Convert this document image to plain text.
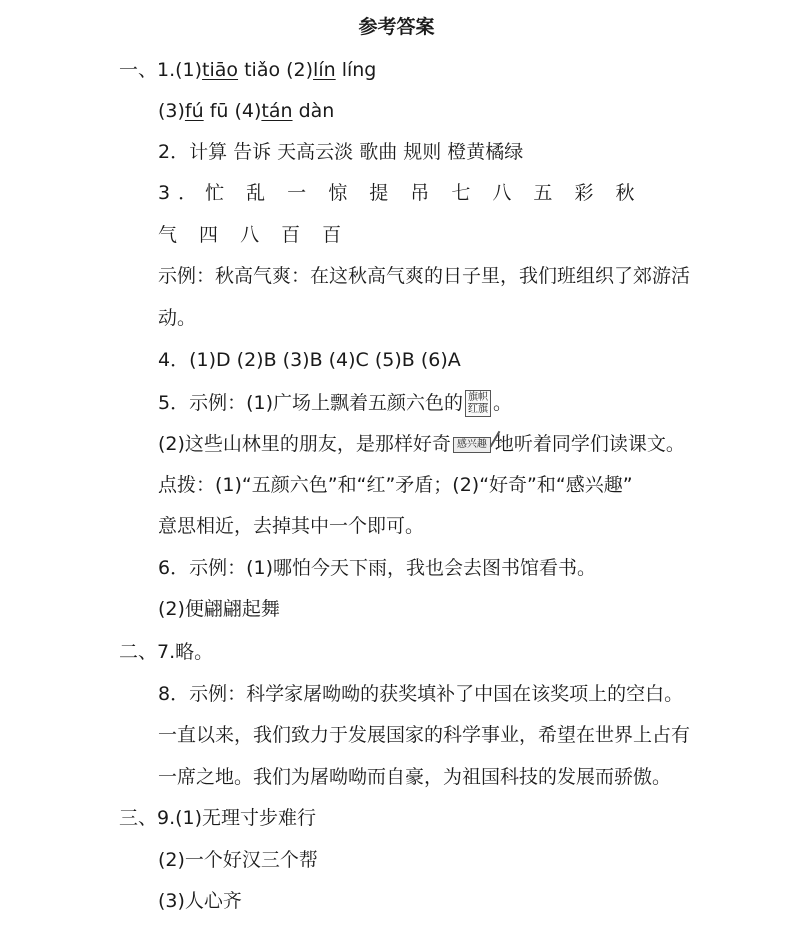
参考答案
一、1.(1)tiāo tiǎo (2)lín líng
(3)fú fū (4)tán dàn
2．计算 告诉 天高云淡 歌曲 规则 橙黄橘绿
3．忙 乱 一 惊 提 吊 七 八 五 彩 秋
气 四 八 百 百
示例：秋高气爽：在这秋高气爽的日子里，我们班组织了郊游活
动。
4．(1)D (2)B (3)B (4)C (5)B (6)A
5．示例：(1)广场上飘着五颜六色的 旗帜
红旗 。
(2)这些山林里的朋友，是那样好奇 感兴趣 地听着同学们读课文。
点拨：(1)“五颜六色”和“红”矛盾；(2)“好奇”和“感兴趣”
意思相近，去掉其中一个即可。
6．示例：(1)哪怕今天下雨，我也会去图书馆看书。
(2)便翩翩起舞
二、7.略。
8．示例：科学家屠呦呦的获奖填补了中国在该奖项上的空白。
一直以来，我们致力于发展国家的科学事业，希望在世界上占有
一席之地。我们为屠呦呦而自豪，为祖国科技的发展而骄傲。
三、9.(1)无理寸步难行
(2)一个好汉三个帮
(3)人心齐
